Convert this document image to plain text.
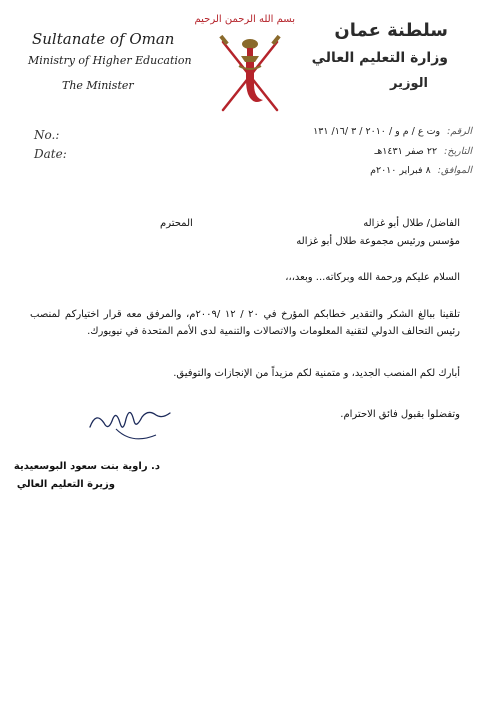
Sultanate of Oman
Ministry of Higher Education
The Minister
بسم الله الرحمن الرحيم
سلطنة عمان
وزارة التعليم العالي
الوزير
No.:
Date:
الرقم: وت ع / م و / ٢٠١٠ / ٣ /١٦/ ١٣١
التاريخ: ٢٢ صفر ١٤٣١هـ
الموافق: ٨ فبراير ٢٠١٠م
الفاضل/ طلال أبو غزاله
المحترم
مؤسس ورئيس مجموعة طلال أبو غزاله
السلام عليكم ورحمة الله وبركاته... وبعد،،،
تلقينا ببالغ الشكر والتقدير خطابكم المؤرخ في ٢٠ / ١٢ /٢٠٠٩م، والمرفق معه قرار اختياركم لمنصب رئيس التحالف الدولي لتقنية المعلومات والاتصالات والتنمية لدى الأمم المتحدة في نيويورك.
أبارك لكم المنصب الجديد، و متمنية لكم مزيداً من الإنجازات والتوفيق.
وتفضلوا بقبول فائق الاحترام.
د. راوية بنت سعود البوسعيدية
وزيرة التعليم العالي
